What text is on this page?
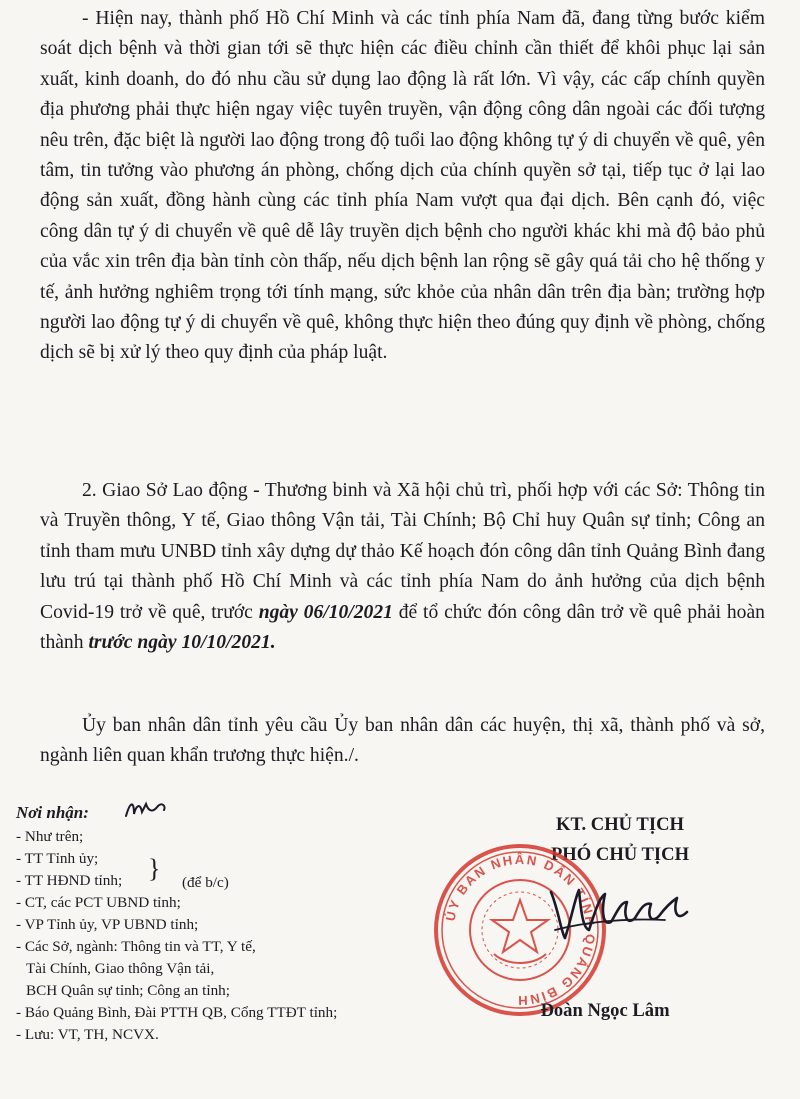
- Hiện nay, thành phố Hồ Chí Minh và các tỉnh phía Nam đã, đang từng bước kiểm soát dịch bệnh và thời gian tới sẽ thực hiện các điều chỉnh cần thiết để khôi phục lại sản xuất, kinh doanh, do đó nhu cầu sử dụng lao động là rất lớn. Vì vậy, các cấp chính quyền địa phương phải thực hiện ngay việc tuyên truyền, vận động công dân ngoài các đối tượng nêu trên, đặc biệt là người lao động trong độ tuổi lao động không tự ý di chuyển về quê, yên tâm, tin tưởng vào phương án phòng, chống dịch của chính quyền sở tại, tiếp tục ở lại lao động sản xuất, đồng hành cùng các tỉnh phía Nam vượt qua đại dịch. Bên cạnh đó, việc công dân tự ý di chuyển về quê dễ lây truyền dịch bệnh cho người khác khi mà độ bảo phủ của vắc xin trên địa bàn tỉnh còn thấp, nếu dịch bệnh lan rộng sẽ gây quá tải cho hệ thống y tế, ảnh hưởng nghiêm trọng tới tính mạng, sức khỏe của nhân dân trên địa bàn; trường hợp người lao động tự ý di chuyển về quê, không thực hiện theo đúng quy định về phòng, chống dịch sẽ bị xử lý theo quy định của pháp luật.

2. Giao Sở Lao động - Thương binh và Xã hội chủ trì, phối hợp với các Sở: Thông tin và Truyền thông, Y tế, Giao thông Vận tải, Tài Chính; Bộ Chỉ huy Quân sự tỉnh; Công an tỉnh tham mưu UNBD tỉnh xây dựng dự thảo Kế hoạch đón công dân tỉnh Quảng Bình đang lưu trú tại thành phố Hồ Chí Minh và các tỉnh phía Nam do ảnh hưởng của dịch bệnh Covid-19 trở về quê, trước ngày 06/10/2021 để tổ chức đón công dân trở về quê phải hoàn thành trước ngày 10/10/2021.

Ủy ban nhân dân tỉnh yêu cầu Ủy ban nhân dân các huyện, thị xã, thành phố và sở, ngành liên quan khẩn trương thực hiện./.

Nơi nhận:
- Như trên;
- TT Tỉnh ủy;
- TT HĐND tỉnh;
- CT, các PCT UBND tỉnh;
- VP Tỉnh ủy, VP UBND tỉnh;
- Các Sở, ngành: Thông tin và TT, Y tế,
Tài Chính, Giao thông Vận tải,
BCH Quân sự tỉnh; Công an tỉnh;
- Báo Quảng Bình, Đài PTTH QB, Cổng TTĐT tỉnh;
- Lưu: VT, TH, NCVX.
} (để b/c)
KT. CHỦ TỊCH
PHÓ CHỦ TỊCH
ỦY BAN NHÂN DÂN TỈNH QUẢNG BÌNH Đoàn Ngọc Lâm
